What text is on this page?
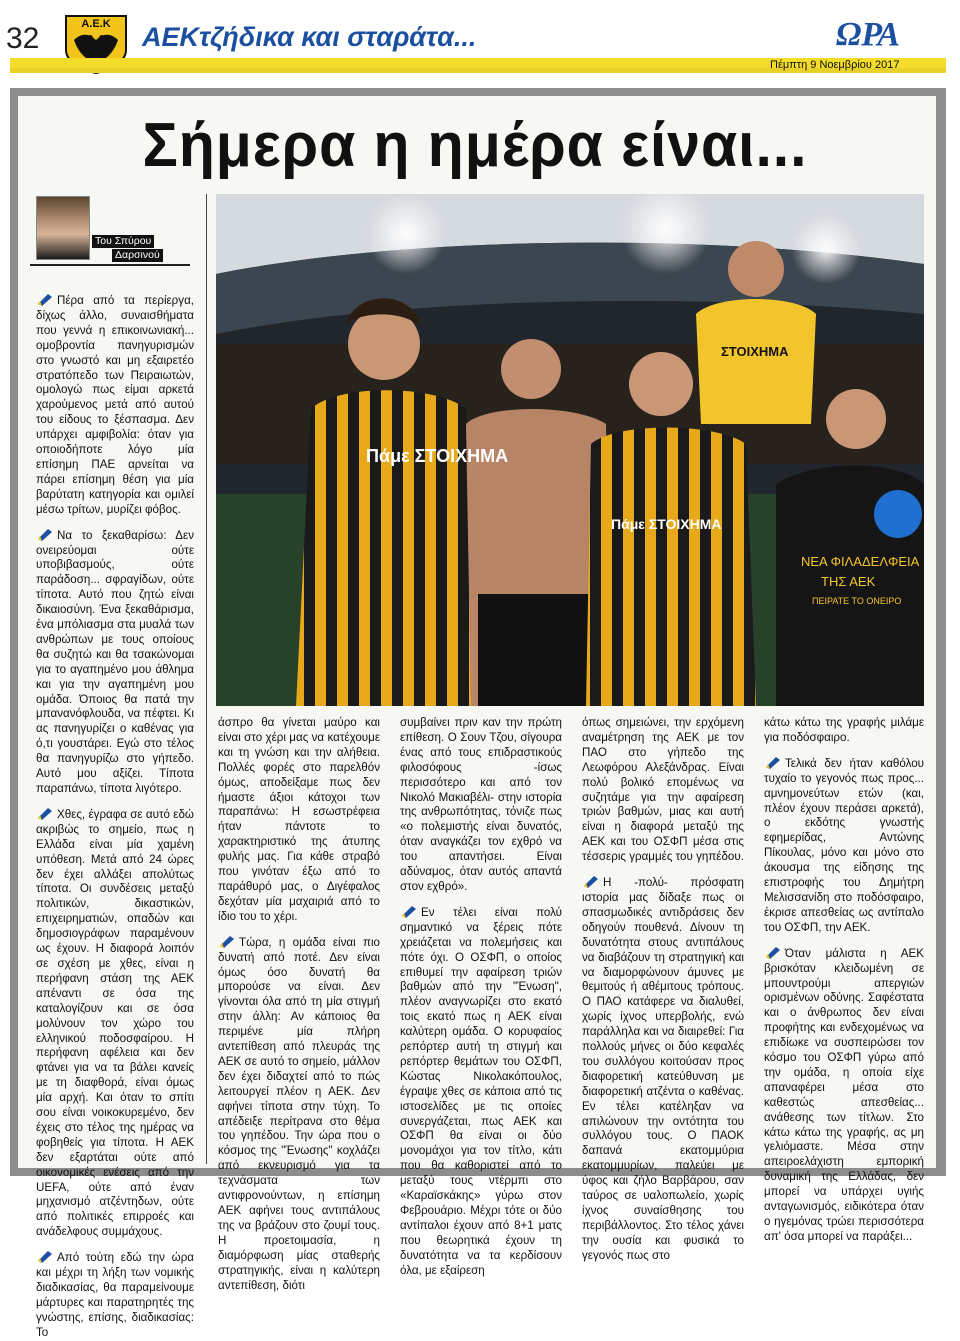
32	Α.Ε.Κ ΑΕΚτζήδικα και σταράτα...	ΩΡΑ
Πέμπτη 9 Νοεμβρίου 2017
Σήμερα η ημέρα είναι...
Του Σπύρου
Δαρσινού
Πάμε ΣΤΟΙΧΗΜΑ
Πάμε ΣΤΟΙΧΗΜΑ
ΣΤΟΙΧΗΜΑ
ΝΕΑ ΦΙΛΑΔΕΛΦΕΙΑ
ΤΗΣ ΑΕΚ
ΠΕΙΡΑΤΕ ΤΟ ΟΝΕΙΡΟ
Πέρα από τα περίεργα, δίχως άλλο, συναισθήματα που γεννά η επικοινωνιακή... ομοβροντία πανηγυρισμών στο γνωστό και μη εξαιρετέο στρατόπεδο των Πειραιωτών, ομολογώ πως είμαι αρκετά χαρούμενος μετά από αυτού του είδους το ξέσπασμα. Δεν υπάρχει αμφιβολία: όταν για οποιοδήποτε λόγο μία επίσημη ΠΑΕ αρνείται να πάρει επίσημη θέση για μία βαρύτατη κατηγορία και ομιλεί μέσω τρίτων, μυρίζει φόβος.
Να το ξεκαθαρίσω: Δεν ονειρεύομαι ούτε υποβιβασμούς, ούτε παράδοση... σφραγίδων, ούτε τίποτα. Αυτό που ζητώ είναι δικαιοσύνη. Ένα ξεκαθάρισμα, ένα μπόλιασμα στα μυαλά των ανθρώπων με τους οποίους θα συζητώ και θα τσακώνομαι για το αγαπημένο μου άθλημα και για την αγαπημένη μου ομάδα. Όποιος θα πατά την μπανανόφλουδα, να πέφτει. Κι ας πανηγυρίζει ο καθένας για ό,τι γουστάρει. Εγώ στο τέλος θα πανηγυρίζω στο γήπεδο. Αυτό μου αξίζει. Τίποτα παραπάνω, τίποτα λιγότερο.
Χθες, έγραφα σε αυτό εδώ ακριβώς το σημείο, πως η Ελλάδα είναι μία χαμένη υπόθεση. Μετά από 24 ώρες δεν έχει αλλάξει απολύτως τίποτα. Οι συνδέσεις μεταξύ πολιτικών, δικαστικών, επιχειρηματιών, οπαδών και δημοσιογράφων παραμένουν ως έχουν. Η διαφορά λοιπόν σε σχέση με χθες, είναι η περήφανη στάση της ΑΕΚ απέναντι σε όσα της καταλογίζουν και σε όσα μολύνουν τον χώρο του ελληνικού ποδοσφαίρου. Η περήφανη αφέλεια και δεν φτάνει για να τα βάλει κανείς με τη διαφθορά, είναι όμως μία αρχή. Και όταν το σπίτι σου είναι νοικοκυρεμένο, δεν έχεις στο τέλος της ημέρας να φοβηθείς για τίποτα. Η ΑΕΚ δεν εξαρτάται ούτε από οικονομικές ενέσεις από την UEFA, ούτε από έναν μηχανισμό ατζέντηδων, ούτε από πολιτικές επιρροές και ανάδελφους συμμάχους.
Από τούτη εδώ την ώρα και μέχρι τη λήξη των νομικής διαδικασίας, θα παραμείνουμε μάρτυρες και παρατηρητές της γνώστης, επίσης, διαδικασίας: Το
άσπρο θα γίνεται μαύρο και είναι στο χέρι μας να κατέχουμε και τη γνώση και την αλήθεια. Πολλές φορές στο παρελθόν όμως, αποδείξαμε πως δεν ήμαστε άξιοι κάτοχοι των παραπάνω: Η εσωστρέφεια ήταν πάντοτε το χαρακτηριστικό της άτυπης φυλής μας. Για κάθε στραβό που γινόταν έξω από το παράθυρό μας, ο Διγέφαλος δεχόταν μία μαχαιριά από το ίδιο του το χέρι.
Τώρα, η ομάδα είναι πιο δυνατή από ποτέ. Δεν είναι όμως όσο δυνατή θα μπορούσε να είναι. Δεν γίνονται όλα από τη μία στιγμή στην άλλη: Αν κάποιος θα περιμένε μία πλήρη αντεπίθεση από πλευράς της ΑΕΚ σε αυτό το σημείο, μάλλον δεν έχει διδαχτεί από το πώς λειτουργεί πλέον η ΑΕΚ. Δεν αφήνει τίποτα στην τύχη. Το απέδειξε περίτρανα στο θέμα του γηπέδου. Την ώρα που ο κόσμος της "Ένωσης" κοχλάζει από εκνευρισμό για τα τεχνάσματα των αντιφρονούντων, η επίσημη ΑΕΚ αφήνει τους αντιπάλους της να βράζουν στο ζουμί τους. Η προετοιμασία, η διαμόρφωση μίας σταθερής στρατηγικής, είναι η καλύτερη αντεπίθεση, διότι
συμβαίνει πριν καν την πρώτη επίθεση. Ο Σουν Τζου, σίγουρα ένας από τους επιδραστικούς φιλοσόφους -ίσως περισσότερο και από τον Νικολό Μακιαβέλι- στην ιστορία της ανθρωπότητας, τόνιζε πως «ο πολεμιστής είναι δυνατός, όταν αναγκάζει τον εχθρό να του απαντήσει. Είναι αδύναμος, όταν αυτός απαντά στον εχθρό».
Εν τέλει είναι πολύ σημαντικό να ξέρεις πότε χρειάζεται να πολεμήσεις και πότε όχι. Ο ΟΣΦΠ, ο οποίος επιθυμεί την αφαίρεση τριών βαθμών από την "Ένωση", πλέον αναγνωρίζει στο εκατό τοις εκατό πως η ΑΕΚ είναι καλύτερη ομάδα. Ο κορυφαίος ρεπόρτερ αυτή τη στιγμή και ρεπόρτερ θεμάτων του ΟΣΦΠ, Κώστας Νικολακόπουλος, έγραψε χθες σε κάποια από τις ιστοσελίδες με τις οποίες συνεργάζεται, πως ΑΕΚ και ΟΣΦΠ θα είναι οι δύο μονομάχοι για τον τίτλο, κάτι που θα καθοριστεί από το μεταξύ τους ντέρμπι στο «Καραϊσκάκης» γύρω στον Φεβρουάριο. Μέχρι τότε οι δύο αντίπαλοι έχουν από 8+1 ματς που θεωρητικά έχουν τη δυνατότητα να τα κερδίσουν όλα, με εξαίρεση
όπως σημειώνει, την ερχόμενη αναμέτρηση της ΑΕΚ με τον ΠΑΟ στο γήπεδο της Λεωφόρου Αλεξάνδρας. Είναι πολύ βολικό επομένως να συζητάμε για την αφαίρεση τριών βαθμών, μιας και αυτή είναι η διαφορά μεταξύ της ΑΕΚ και του ΟΣΦΠ μέσα στις τέσσερις γραμμές του γηπέδου.
Η -πολύ- πρόσφατη ιστορία μας δίδαξε πως οι σπασμωδικές αντιδράσεις δεν οδηγούν πουθενά. Δίνουν τη δυνατότητα στους αντιπάλους να διαβάζουν τη στρατηγική και να διαμορφώνουν άμυνες με θεμιτούς ή αθέμιτους τρόπους. Ο ΠΑΟ κατάφερε να διαλυθεί, χωρίς ίχνος υπερβολής, ενώ παράλληλα και να διαιρεθεί: Για πολλούς μήνες οι δύο κεφαλές του συλλόγου κοιτούσαν προς διαφορετική κατεύθυνση με διαφορετική ατζέντα ο καθένας. Εν τέλει κατέληξαν να απιλώνουν την οντότητα του συλλόγου τους. Ο ΠΑΟΚ δαπανά εκατομμύρια εκατομμυρίων, παλεύει με ύφος και ζήλο Βαρβάρου, σαν ταύρος σε υαλοπωλείο, χωρίς ίχνος συναίσθησης του περιβάλλοντος. Στο τέλος χάνει την ουσία και φυσικά το γεγονός πως στο
κάτω κάτω της γραφής μιλάμε για ποδόσφαιρο.
Τελικά δεν ήταν καθόλου τυχαίο το γεγονός πως προς... αμνημονεύτων ετών (και, πλέον έχουν περάσει αρκετά), ο εκδότης γνωστής εφημερίδας, Αντώνης Πίκουλας, μόνο και μόνο στο άκουσμα της είδησης της επιστροφής του Δημήτρη Μελισσανίδη στο ποδόσφαιρο, έκρισε απεσθείας ως αντίπαλο του ΟΣΦΠ, την ΑΕΚ.
Όταν μάλιστα η ΑΕΚ βρισκόταν κλειδωμένη σε μπουντρούμι απεργιών ορισμένων οδύνης. Σαφέστατα και ο άνθρωπος δεν είναι προφήτης και ενδεχομένως να επιδίωκε να συσπειρώσει τον κόσμο του ΟΣΦΠ γύρω από την ομάδα, η οποία είχε απαναφέρει μέσα στο καθεστώς απεσθείας... ανάθεσης των τίτλων. Στο κάτω κάτω της γραφής, ας μη γελιόμαστε. Μέσα στην απειροελάχιστη εμπορική δυναμική της Ελλάδας, δεν μπορεί να υπάρχει υγιής ανταγωνισμός, ειδικότερα όταν ο ηγεμόνας τρώει περισσότερα απ' όσα μπορεί να παράξει...
